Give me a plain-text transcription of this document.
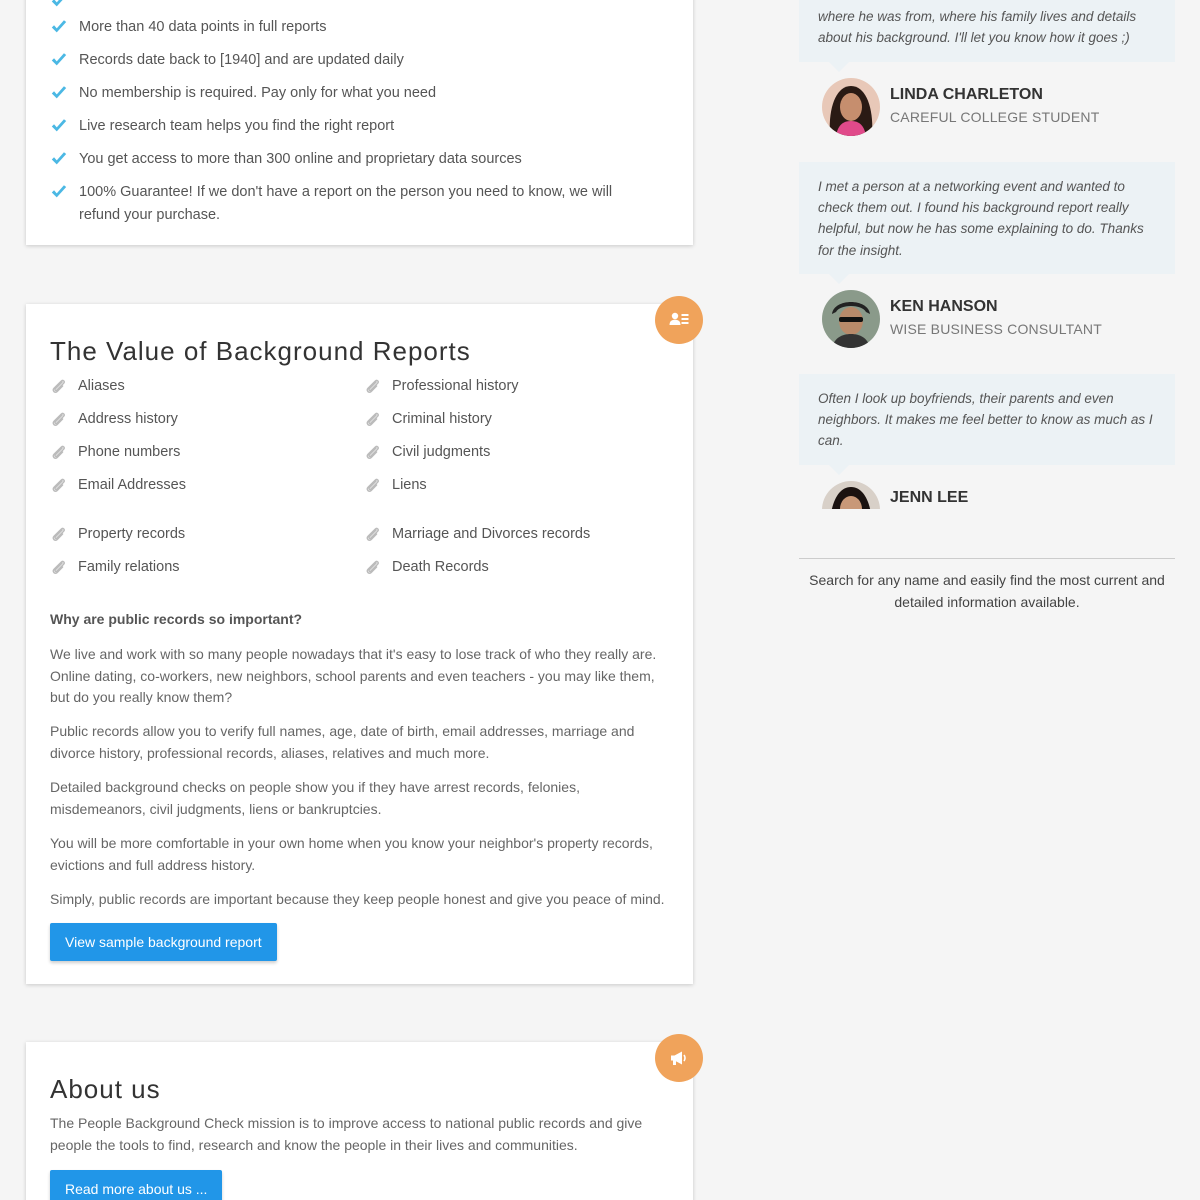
More than 40 data points in full reports
Records date back to [1940] and are updated daily
No membership is required. Pay only for what you need
Live research team helps you find the right report
You get access to more than 300 online and proprietary data sources
100% Guarantee! If we don't have a report on the person you need to know, we will refund your purchase.
The Value of Background Reports
Aliases
Address history
Phone numbers
Email Addresses
Property records
Family relations
Professional history
Criminal history
Civil judgments
Liens
Marriage and Divorces records
Death Records
Why are public records so important?

We live and work with so many people nowadays that it's easy to lose track of who they really are. Online dating, co-workers, new neighbors, school parents and even teachers - you may like them, but do you really know them?

Public records allow you to verify full names, age, date of birth, email addresses, marriage and divorce history, professional records, aliases, relatives and much more.

Detailed background checks on people show you if they have arrest records, felonies, misdemeanors, civil judgments, liens or bankruptcies.

You will be more comfortable in your own home when you know your neighbor's property records, evictions and full address history.

Simply, public records are important because they keep people honest and give you peace of mind.

View sample background report
About us

The People Background Check mission is to improve access to national public records and give people the tools to find, research and know the people in their lives and communities.

Read more about us ...
where he was from, where his family lives and details about his background. I'll let you know how it goes ;)
LINDA CHARLETON
CAREFUL COLLEGE STUDENT
I met a person at a networking event and wanted to check them out. I found his background report really helpful, but now he has some explaining to do. Thanks for the insight.
KEN HANSON
WISE BUSINESS CONSULTANT
Often I look up boyfriends, their parents and even neighbors. It makes me feel better to know as much as I can.
JENN LEE

Search for any name and easily find the most current and detailed information available.
